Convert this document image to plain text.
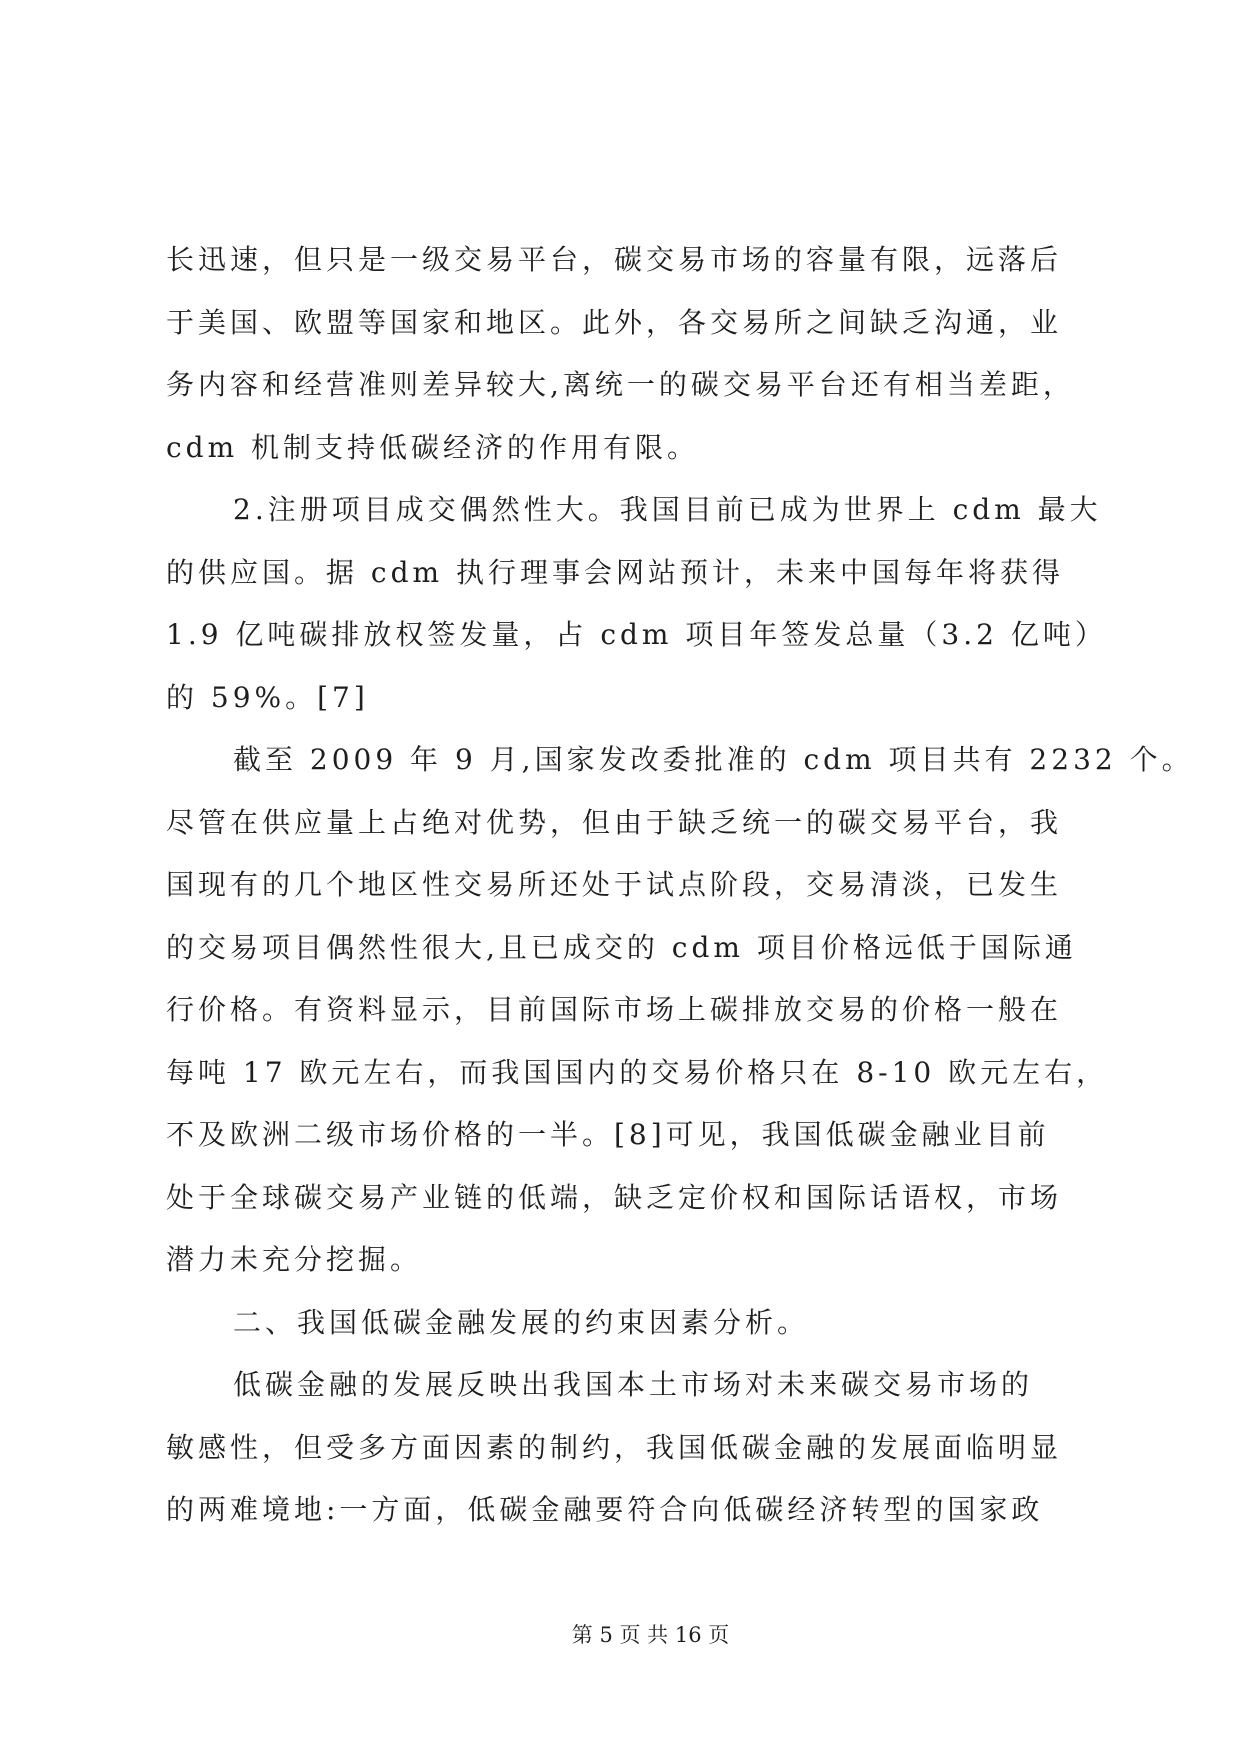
长迅速，但只是一级交易平台，碳交易市场的容量有限，远落后
于美国、欧盟等国家和地区。此外，各交易所之间缺乏沟通，业
务内容和经营准则差异较大,离统一的碳交易平台还有相当差距，
cdm 机制支持低碳经济的作用有限。
2.注册项目成交偶然性大。我国目前已成为世界上 cdm 最大
的供应国。据 cdm 执行理事会网站预计，未来中国每年将获得
1.9 亿吨碳排放权签发量，占 cdm 项目年签发总量（3.2 亿吨）
的 59%。[7]
截至 2009 年 9 月,国家发改委批准的 cdm 项目共有 2232 个。
尽管在供应量上占绝对优势，但由于缺乏统一的碳交易平台，我
国现有的几个地区性交易所还处于试点阶段，交易清淡，已发生
的交易项目偶然性很大,且已成交的 cdm 项目价格远低于国际通
行价格。有资料显示，目前国际市场上碳排放交易的价格一般在
每吨 17 欧元左右，而我国国内的交易价格只在 8-10 欧元左右，
不及欧洲二级市场价格的一半。[8]可见，我国低碳金融业目前
处于全球碳交易产业链的低端，缺乏定价权和国际话语权，市场
潜力未充分挖掘。
二、我国低碳金融发展的约束因素分析。
低碳金融的发展反映出我国本土市场对未来碳交易市场的
敏感性，但受多方面因素的制约，我国低碳金融的发展面临明显
的两难境地:一方面，低碳金融要符合向低碳经济转型的国家政
第 5 页 共 16 页
